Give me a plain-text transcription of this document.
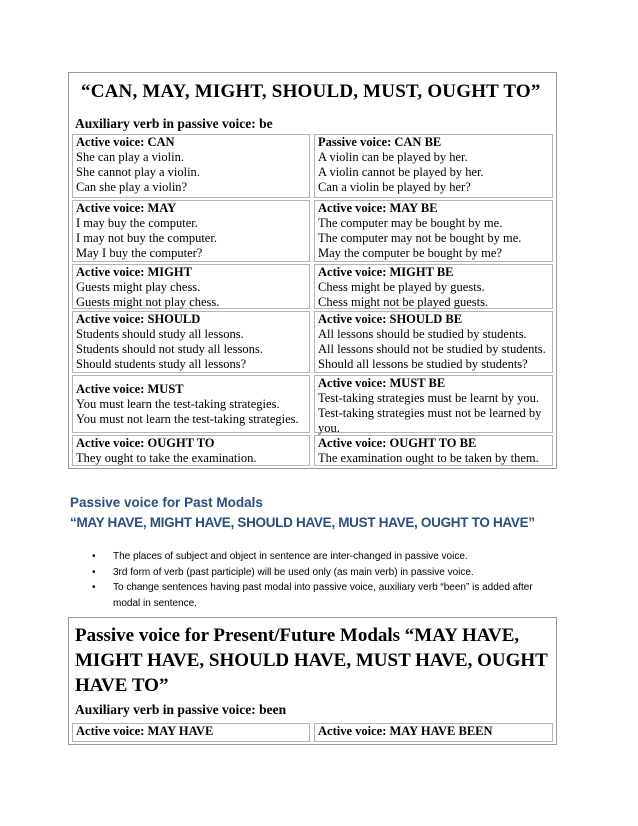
“CAN, MAY, MIGHT, SHOULD, MUST, OUGHT TO”
Auxiliary verb in passive voice: be
Active voice: CAN
She can play a violin.
She cannot play a violin.
Can she play a violin?
Passive voice: CAN BE
A violin can be played by her.
A violin cannot be played by her.
Can a violin be played by her?
Active voice: MAY
I may buy the computer.
I may not buy the computer.
May I buy the computer?
Active voice: MAY BE
The computer may be bought by me.
The computer may not be bought by me.
May the computer be bought by me?
Active voice: MIGHT
Guests might play chess.
Guests might not play chess.
Active voice: MIGHT BE
Chess might be played by guests.
Chess might not be played guests.
Active voice: SHOULD
Students should study all lessons.
Students should not study all lessons.
Should students study all lessons?
Active voice: SHOULD BE
All lessons should be studied by students.
All lessons should not be studied by students.
Should all lessons be studied by students?
Active voice: MUST
You must learn the test-taking strategies.
You must not learn the test-taking strategies.
Active voice: MUST BE
Test-taking strategies must be learnt by you.
Test-taking strategies must not be learned by
you.
Active voice: OUGHT TO
They ought to take the examination.
Active voice: OUGHT TO BE
The examination ought to be taken by them.
Passive voice for Past Modals
“MAY HAVE, MIGHT HAVE, SHOULD HAVE, MUST HAVE, OUGHT TO HAVE”
• The places of subject and object in sentence are inter-changed in passive voice.
• 3rd form of verb (past participle) will be used only (as main verb) in passive voice.
• To change sentences having past modal into passive voice, auxiliary verb “been” is added after modal in sentence.
Passive voice for Present/Future Modals “MAY HAVE, MIGHT HAVE, SHOULD HAVE, MUST HAVE, OUGHT HAVE TO”
Auxiliary verb in passive voice: been
Active voice: MAY HAVE	Active voice: MAY HAVE BEEN
